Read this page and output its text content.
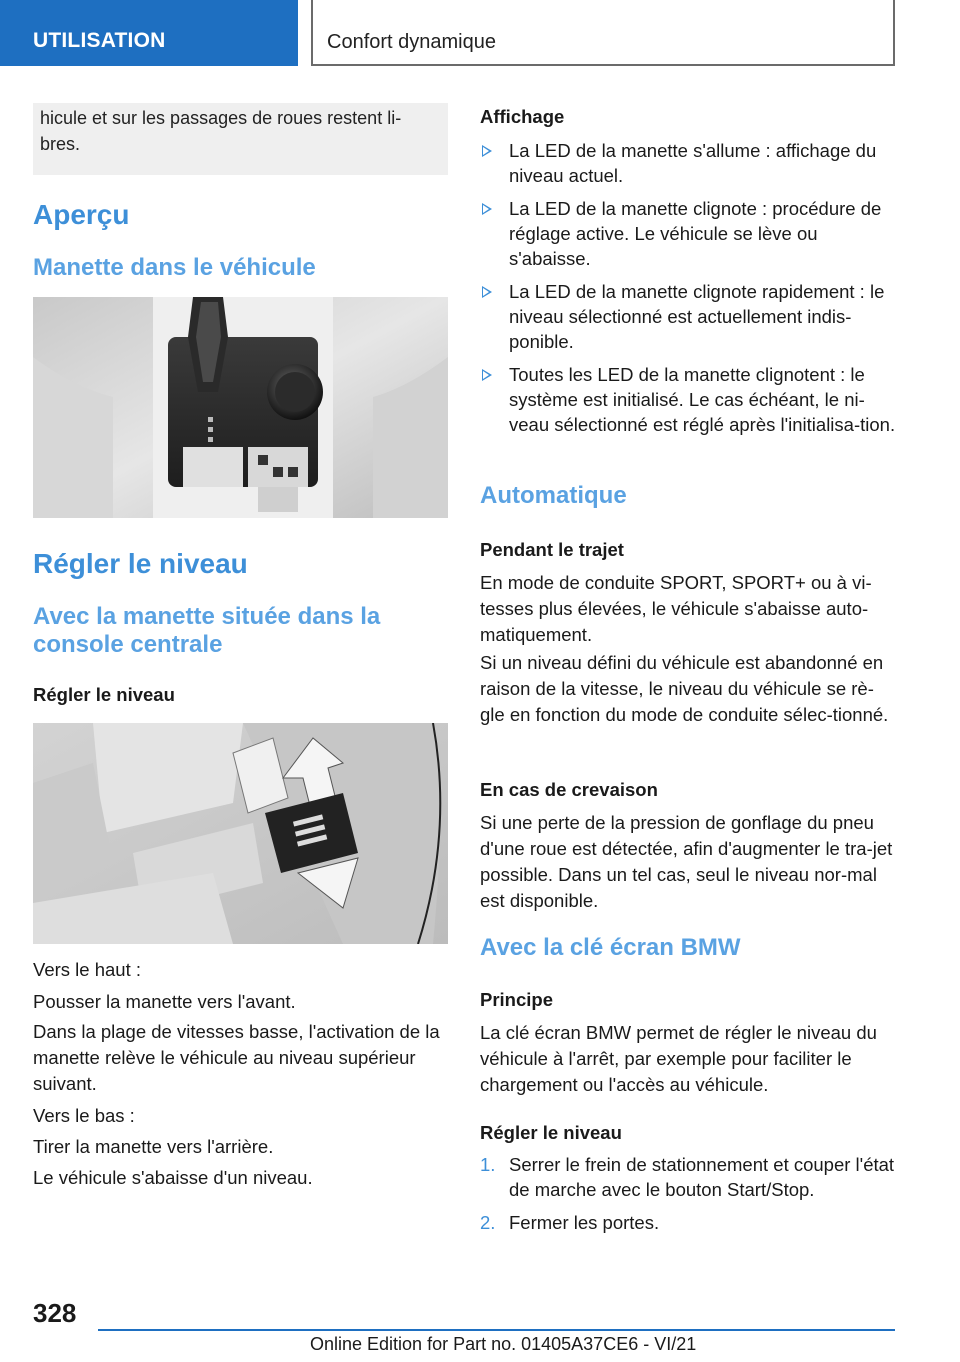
UTILISATION	Confort dynamique
hicule et sur les passages de roues restent li-bres.
Aperçu
Manette dans le véhicule
Régler le niveau
Avec la manette située dans la console centrale
Régler le niveau

Vers le haut :

Pousser la manette vers l'avant.

Dans la plage de vitesses basse, l'activation de la manette relève le véhicule au niveau supérieur suivant.

Vers le bas :

Tirer la manette vers l'arrière.

Le véhicule s'abaisse d'un niveau.

Affichage
La LED de la manette s'allume : affichage du niveau actuel.
La LED de la manette clignote : procédure de réglage active. Le véhicule se lève ou s'abaisse.
La LED de la manette clignote rapidement : le niveau sélectionné est actuellement indis-ponible.
Toutes les LED de la manette clignotent : le système est initialisé. Le cas échéant, le ni-veau sélectionné est réglé après l'initialisa-tion.
Automatique
Pendant le trajet

En mode de conduite SPORT, SPORT+ ou à vi-tesses plus élevées, le véhicule s'abaisse auto-matiquement.

Si un niveau défini du véhicule est abandonné en raison de la vitesse, le niveau du véhicule se rè-gle en fonction du mode de conduite sélec-tionné.

En cas de crevaison

Si une perte de la pression de gonflage du pneu d'une roue est détectée, afin d'augmenter le tra-jet possible. Dans un tel cas, seul le niveau nor-mal est disponible.

Avec la clé écran BMW
Principe

La clé écran BMW permet de régler le niveau du véhicule à l'arrêt, par exemple pour faciliter le chargement ou l'accès au véhicule.

Régler le niveau
1. Serrer le frein de stationnement et couper l'état de marche avec le bouton Start/Stop.
2. Fermer les portes.
328
Online Edition for Part no. 01405A37CE6 - VI/21
